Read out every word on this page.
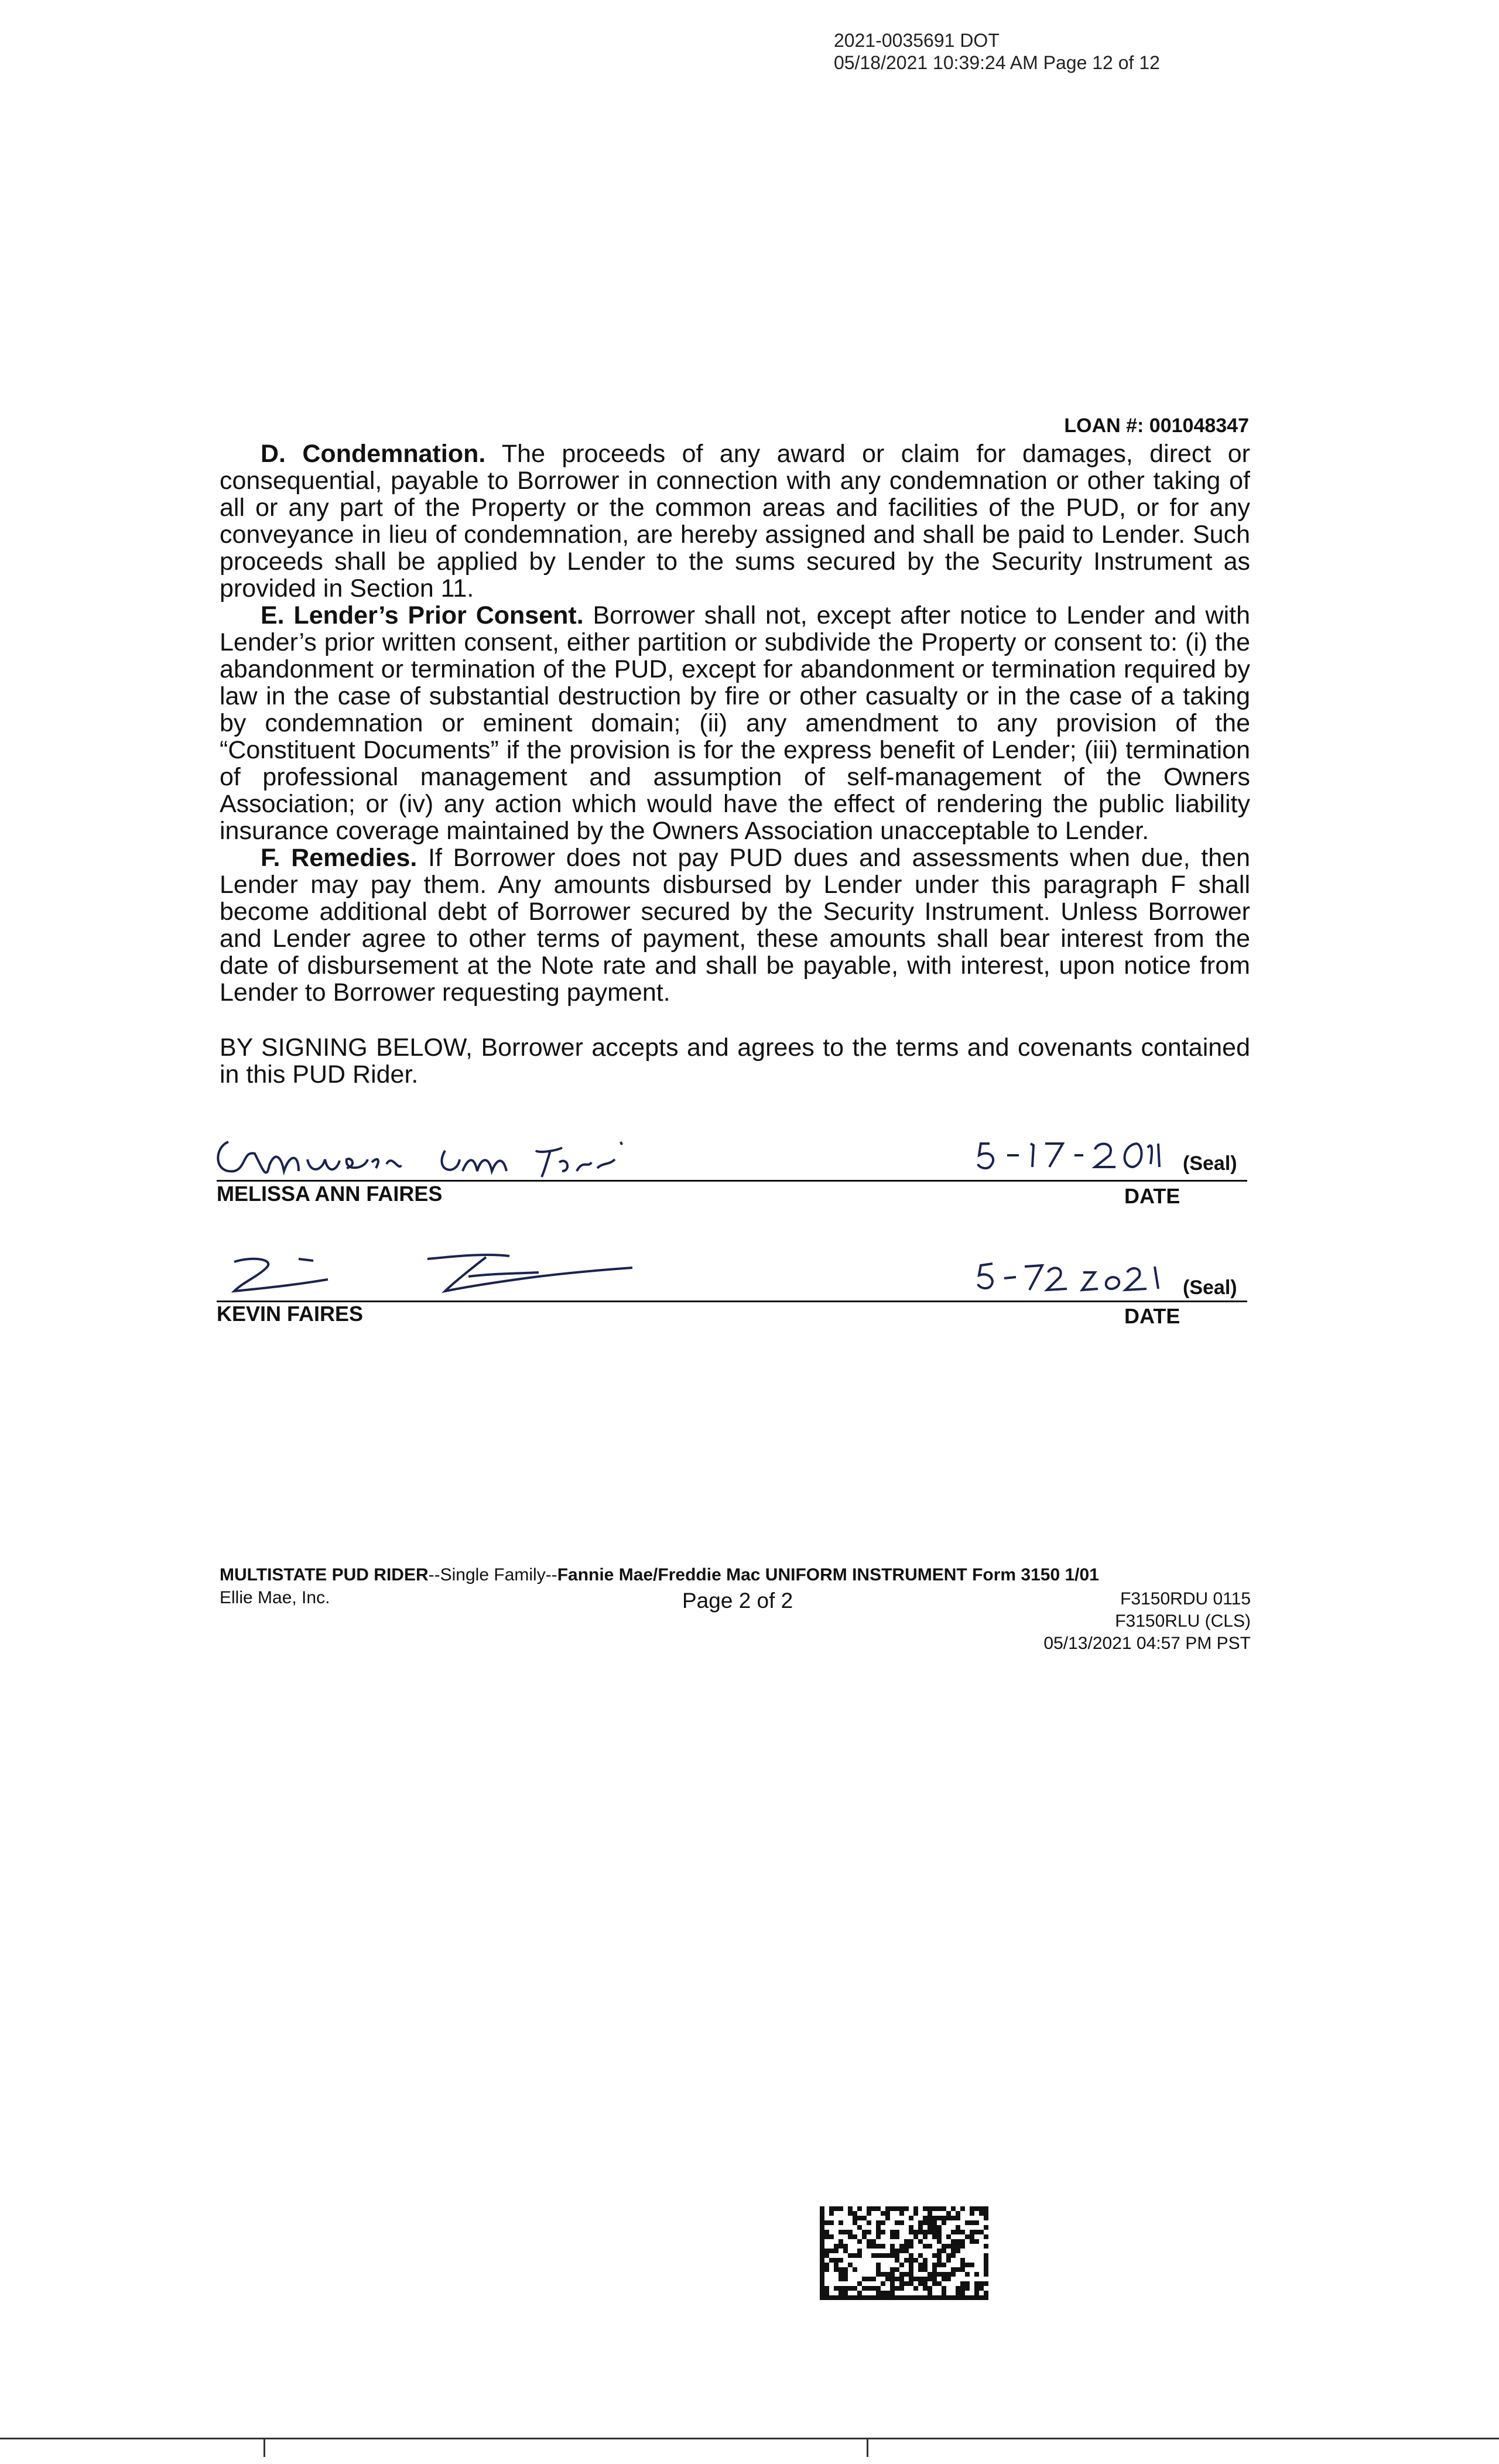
2021-0035691 DOT
05/18/2021 10:39:24 AM Page 12 of 12
LOAN #: 001048347

D. Condemnation. The proceeds of any award or claim for damages, direct or consequential, payable to Borrower in connection with any condemnation or other taking of all or any part of the Property or the common areas and facilities of the PUD, or for any conveyance in lieu of condemnation, are hereby assigned and shall be paid to Lender. Such proceeds shall be applied by Lender to the sums secured by the Security Instrument as provided in Section 11.

E. Lender’s Prior Consent. Borrower shall not, except after notice to Lender and with Lender’s prior written consent, either partition or subdivide the Property or consent to: (i) the abandonment or termination of the PUD, except for abandonment or termination required by law in the case of substantial destruction by fire or other casualty or in the case of a taking by condemnation or eminent domain; (ii) any amendment to any provision of the “Constituent Documents” if the provision is for the express benefit of Lender; (iii) termination of professional management and assumption of self-management of the Owners Association; or (iv) any action which would have the effect of rendering the public liability insurance coverage maintained by the Owners Association unacceptable to Lender.

F. Remedies. If Borrower does not pay PUD dues and assessments when due, then Lender may pay them. Any amounts disbursed by Lender under this paragraph F shall become additional debt of Borrower secured by the Security Instrument. Unless Borrower and Lender agree to other terms of payment, these amounts shall bear interest from the date of disbursement at the Note rate and shall be payable, with interest, upon notice from Lender to Borrower requesting payment.

BY SIGNING BELOW, Borrower accepts and agrees to the terms and covenants contained in this PUD Rider.

(Seal)
MELISSA ANN FAIRES	DATE
(Seal)
KEVIN FAIRES	DATE
MULTISTATE PUD RIDER--Single Family--Fannie Mae/Freddie Mac UNIFORM INSTRUMENT Form 3150 1/01
Ellie Mae, Inc.	Page 2 of 2	F3150RDU 0115
F3150RLU (CLS)
05/13/2021 04:57 PM PST
